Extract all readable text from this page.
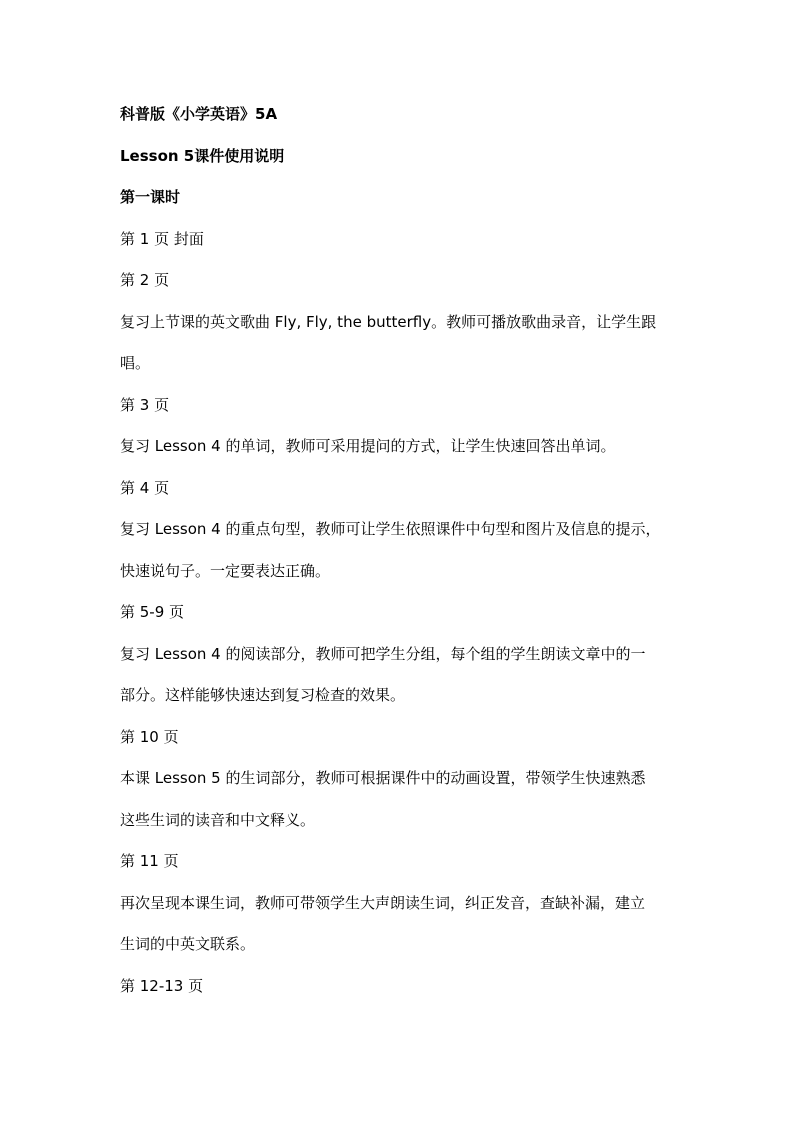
科普版《小学英语》5A
Lesson 5课件使用说明
第一课时
第 1 页 封面
第 2 页
复习上节课的英文歌曲 Fly, Fly, the butterfly。教师可播放歌曲录音，让学生跟
唱。
第 3 页
复习 Lesson 4 的单词，教师可采用提问的方式，让学生快速回答出单词。
第 4 页
复习 Lesson 4 的重点句型，教师可让学生依照课件中句型和图片及信息的提示，
快速说句子。一定要表达正确。
第 5-9 页
复习 Lesson 4 的阅读部分，教师可把学生分组，每个组的学生朗读文章中的一
部分。这样能够快速达到复习检查的效果。
第 10 页
本课 Lesson 5 的生词部分，教师可根据课件中的动画设置，带领学生快速熟悉
这些生词的读音和中文释义。
第 11 页
再次呈现本课生词，教师可带领学生大声朗读生词，纠正发音，查缺补漏，建立
生词的中英文联系。
第 12-13 页
